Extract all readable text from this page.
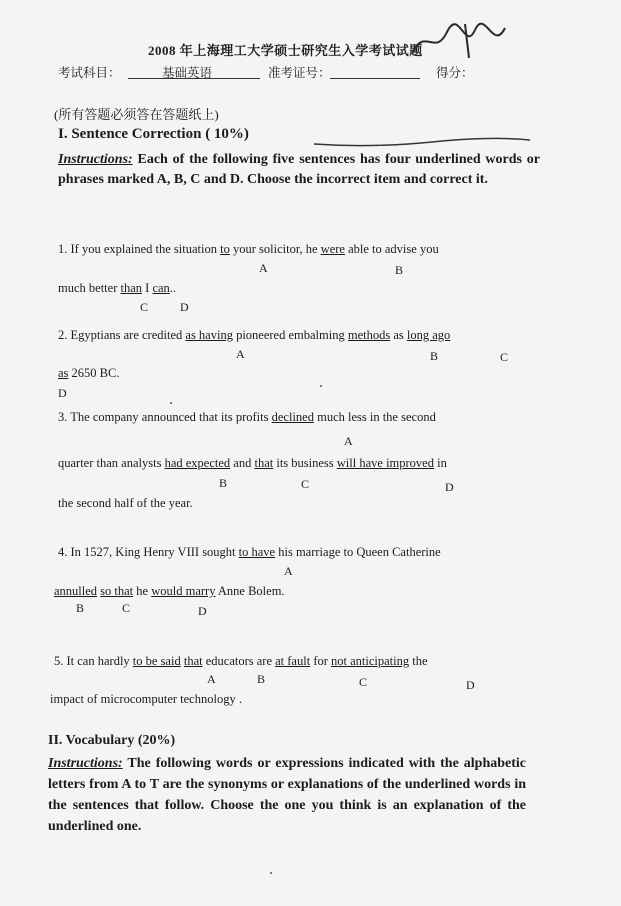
2008 年上海理工大学硕士研究生入学考试试题
考试科目：	基础英语	准考证号：	得分：
(所有答题必须答在答题纸上)
I. Sentence Correction ( 10%)
Instructions: Each of the following five sentences has four underlined words or phrases marked A, B, C and D. Choose the incorrect item and correct it.
1. If you explained the situation to your solicitor, he were able to advise you
A	B
much better than I can..
C	D
2. Egyptians are credited as having pioneered embalming methods as long ago
A	B	C
as 2650 BC.
D
3. The company announced that its profits declined much less in the second
A
quarter than analysts had expected and that its business will have improved in
B	C	D
the second half of the year.
4. In 1527, King Henry VIII sought to have his marriage to Queen Catherine
A
annulled so that he would marry Anne Bolem.
B	C	D
5. It can hardly to be said that educators are at fault for not anticipating the
A	B	C	D
impact of microcomputer technology .
II. Vocabulary (20%)
Instructions: The following words or expressions indicated with the alphabetic letters from A to T are the synonyms or explanations of the underlined words in the sentences that follow. Choose the one you think is an explanation of the underlined one.
